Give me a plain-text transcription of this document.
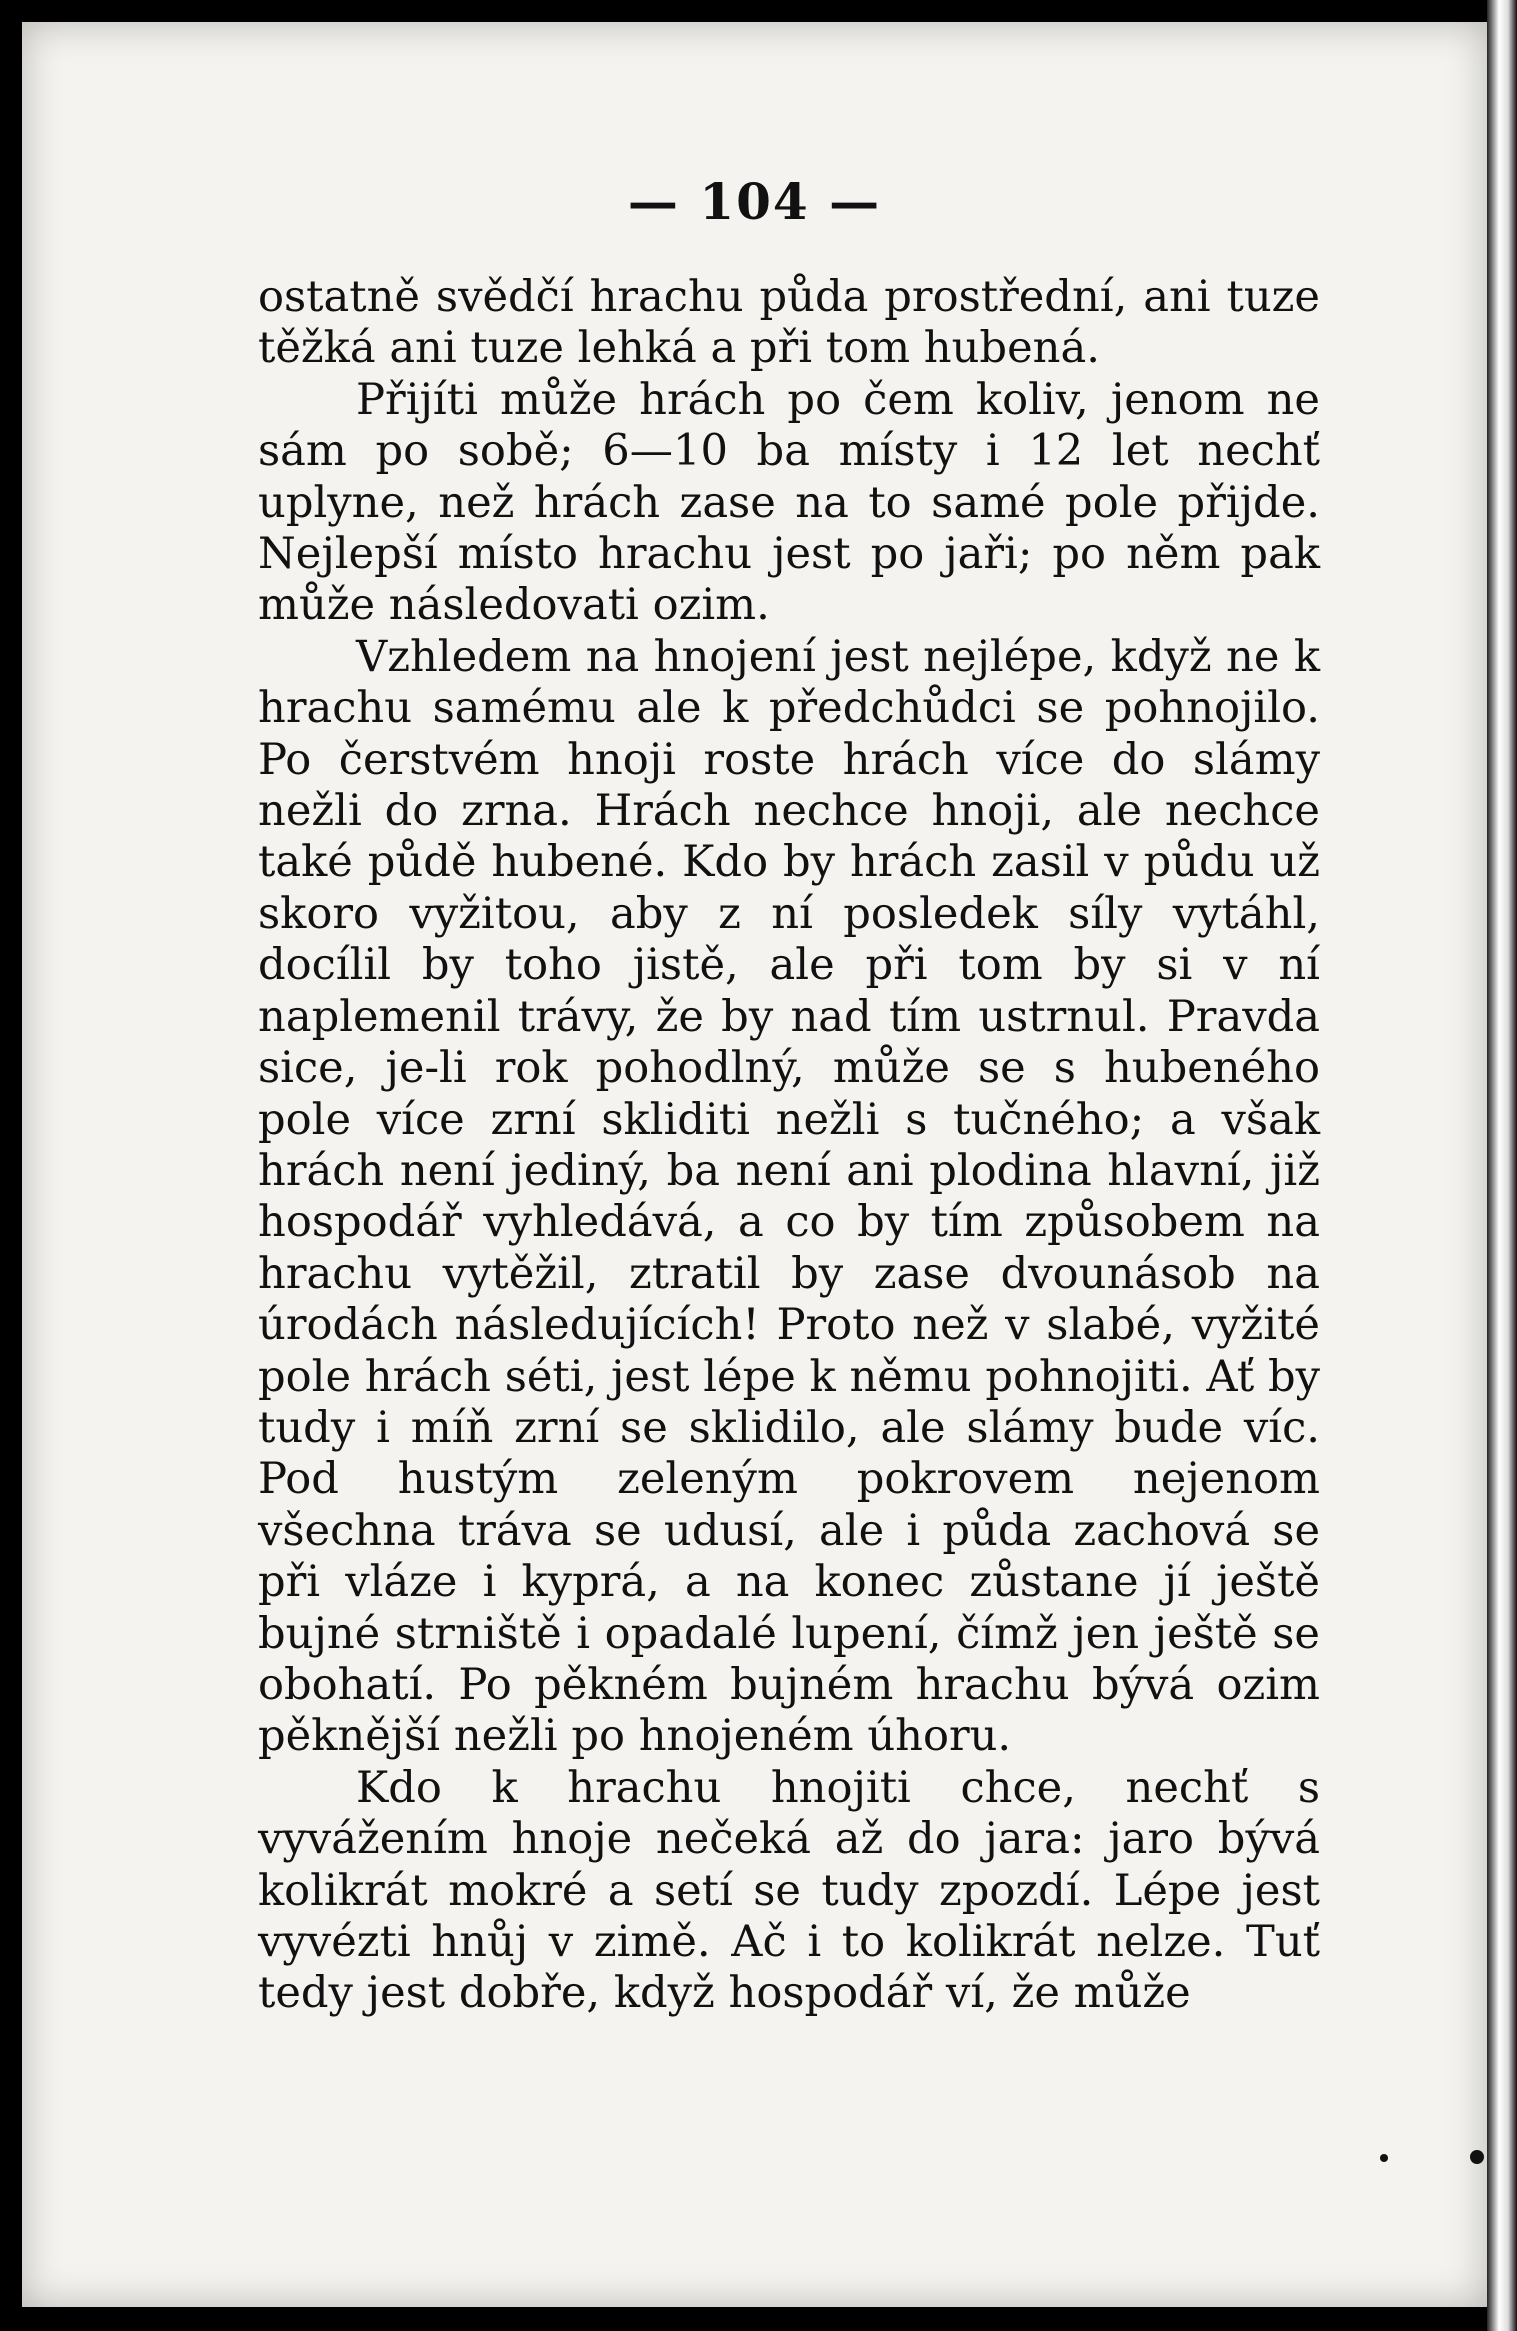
— 104 —

ostatně svědčí hrachu půda prostřední, ani tuze těžká ani tuze lehká a při tom hubená.

Přijíti může hrách po čem koliv, jenom ne sám po sobě; 6—10 ba místy i 12 let nechť uplyne, než hrách zase na to samé pole přijde. Nejlepší místo hrachu jest po jaři; po něm pak může následovati ozim.

Vzhledem na hnojení jest nejlépe, když ne k hrachu samému ale k předchůdci se pohnojilo. Po čerstvém hnoji roste hrách více do slámy nežli do zrna. Hrách nechce hnoji, ale nechce také půdě hubené. Kdo by hrách zasil v půdu už skoro vyžitou, aby z ní posledek síly vytáhl, docílil by toho jistě, ale při tom by si v ní naplemenil trávy, že by nad tím ustrnul. Pravda sice, je-li rok pohodlný, může se s hubeného pole více zrní skliditi nežli s tučného; a však hrách není jediný, ba není ani plodina hlavní, již hospodář vyhledává, a co by tím způsobem na hrachu vytěžil, ztratil by zase dvounásob na úrodách následujících! Proto než v slabé, vyžité pole hrách séti, jest lépe k němu pohnojiti. Ať by tudy i míň zrní se sklidilo, ale slámy bude víc. Pod hustým zeleným pokrovem nejenom všechna tráva se udusí, ale i půda zachová se při vláze i kyprá, a na konec zůstane jí ještě bujné strniště i opadalé lupení, čímž jen ještě se obohatí. Po pěkném bujném hrachu bývá ozim pěknější nežli po hnojeném úhoru.

Kdo k hrachu hnojiti chce, nechť s vyvážením hnoje nečeká až do jara: jaro bývá kolikrát mokré a setí se tudy zpozdí. Lépe jest vyvézti hnůj v zimě. Ač i to kolikrát nelze. Tuť tedy jest dobře, když hospodář ví, že může
